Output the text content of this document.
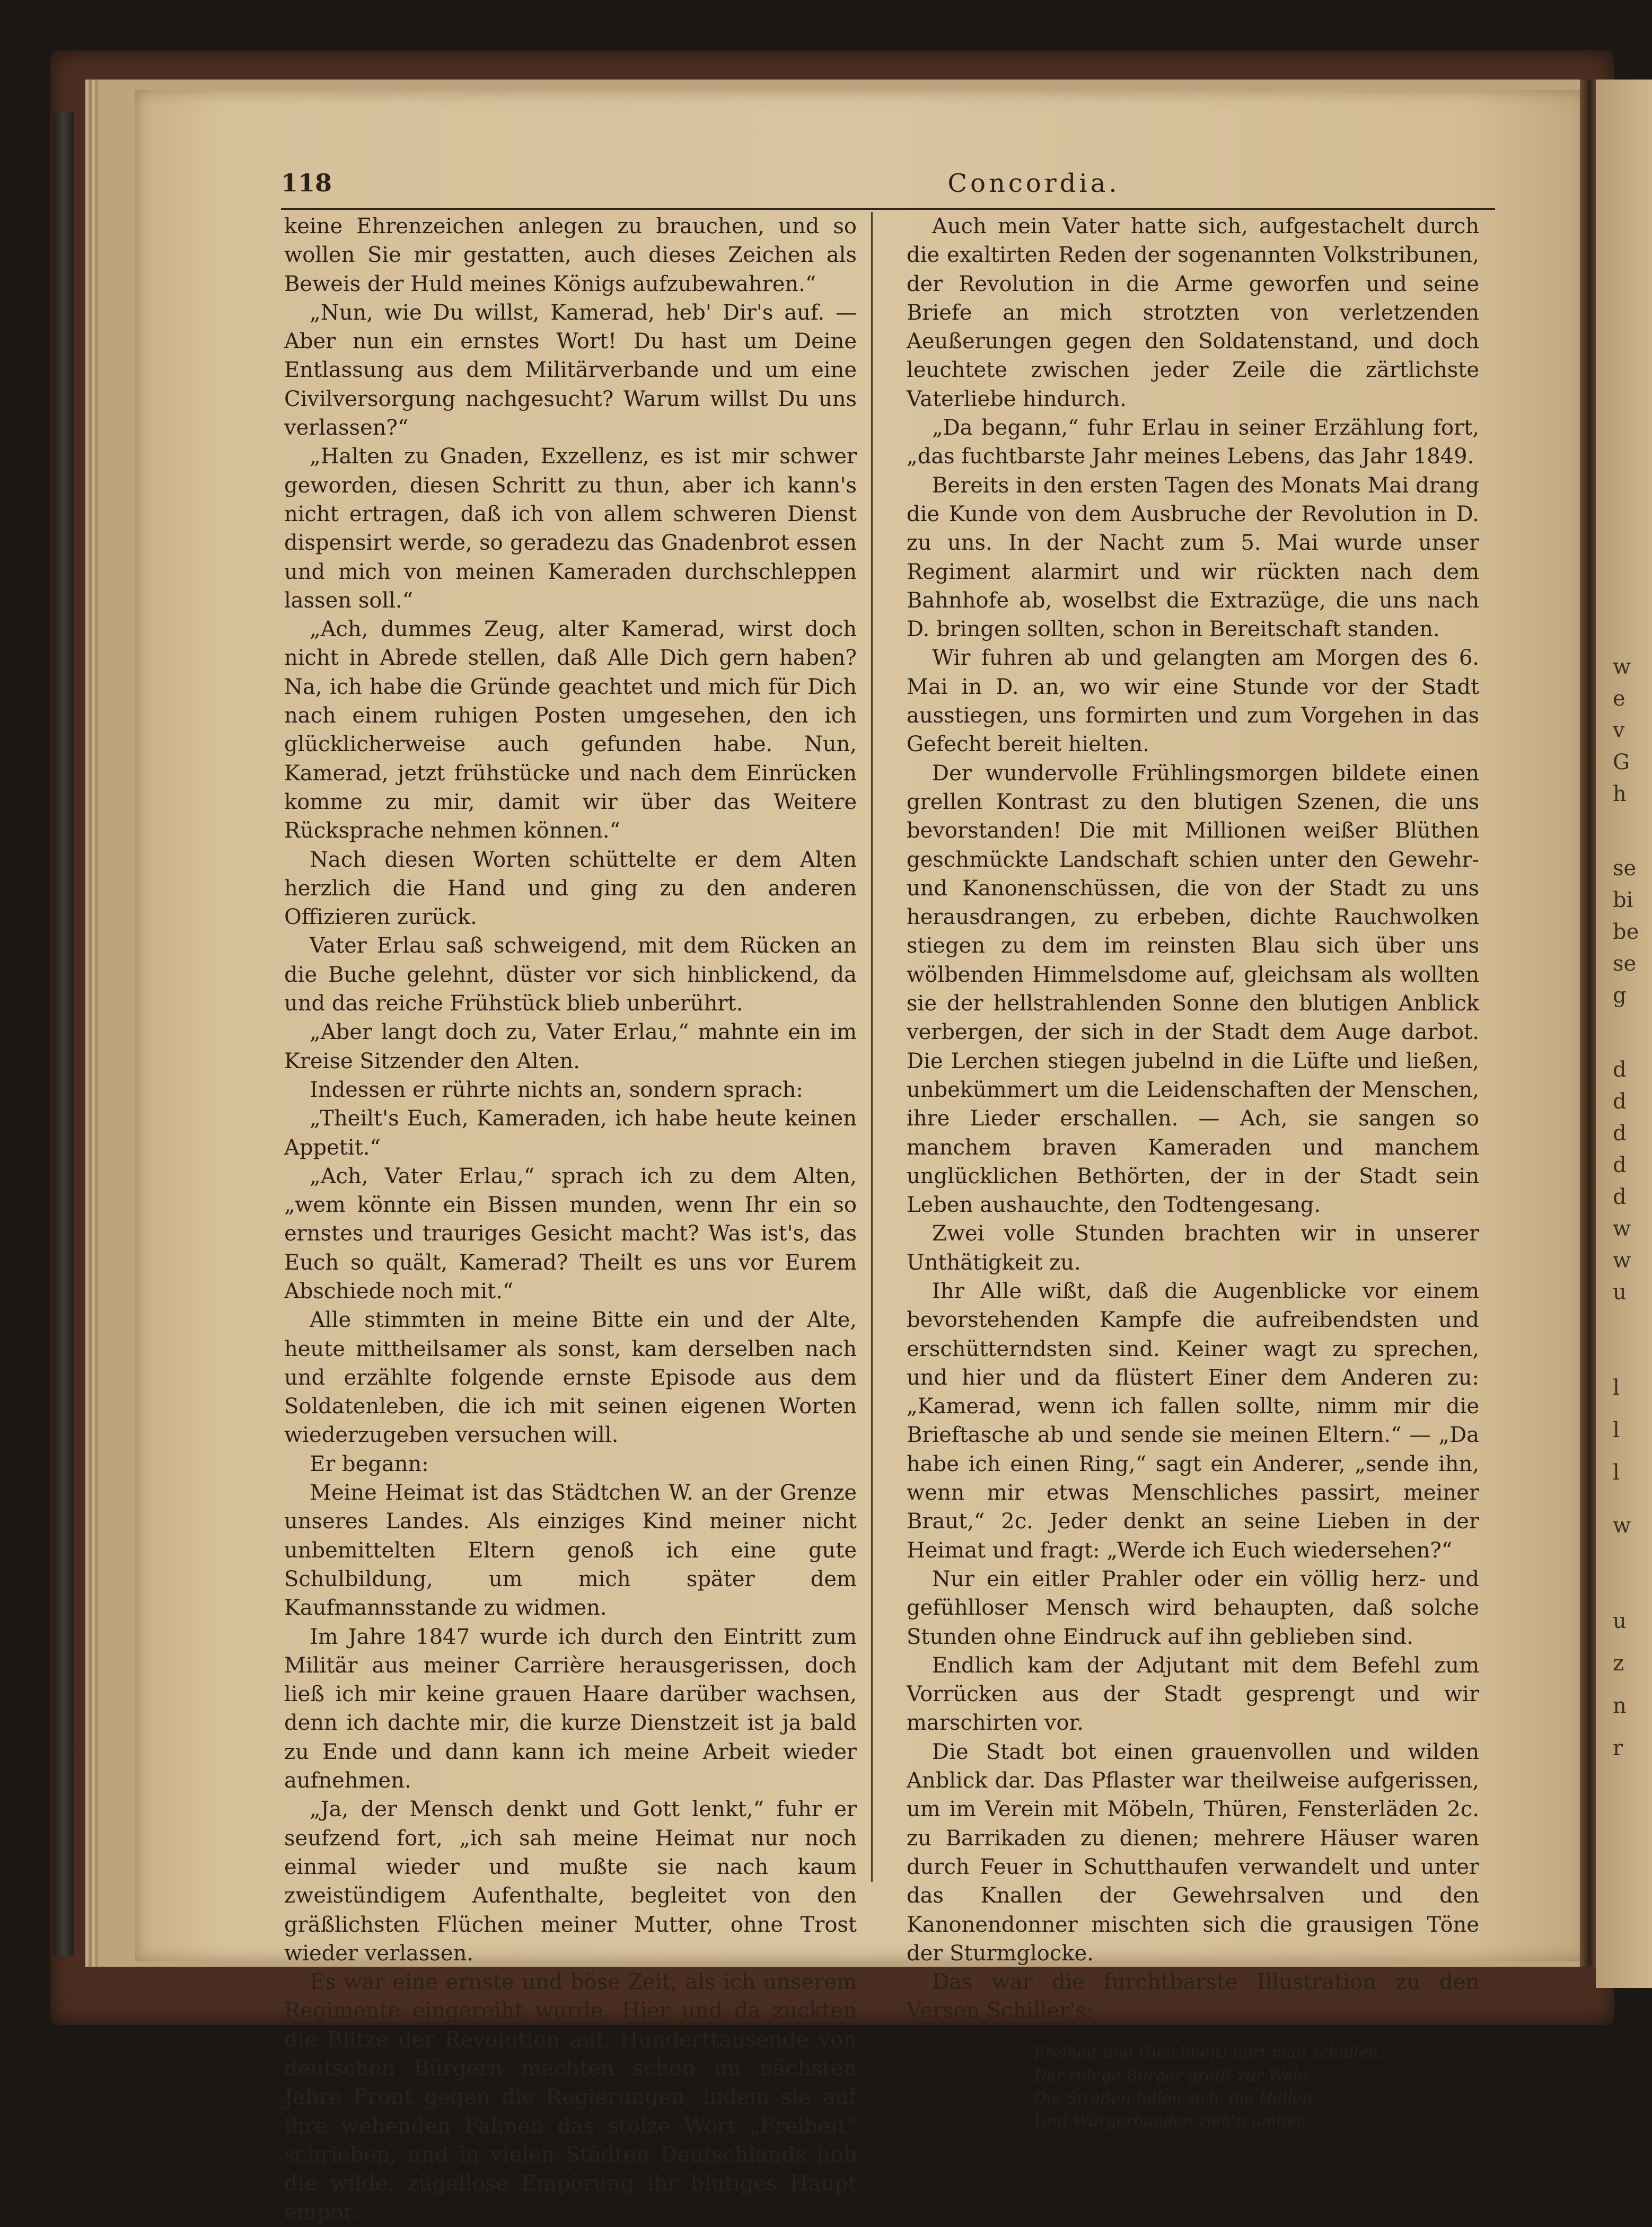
w
e
v
G
h
se
bi
be
se
g
d
d
d
d
d
w
w
u
l
l
l
w
u
z
n
r
118	Concordia.

keine Ehrenzeichen anlegen zu brauchen, und so wollen Sie mir gestatten, auch dieses Zeichen als Beweis der Huld meines Königs aufzubewahren.“

„Nun, wie Du willst, Kamerad, heb' Dir's auf. — Aber nun ein ernstes Wort! Du hast um Deine Entlassung aus dem Militärverbande und um eine Civilversorgung nachgesucht? Warum willst Du uns verlassen?“

„Halten zu Gnaden, Exzellenz, es ist mir schwer geworden, diesen Schritt zu thun, aber ich kann's nicht ertragen, daß ich von allem schweren Dienst dispensirt werde, so geradezu das Gnadenbrot essen und mich von meinen Kameraden durchschleppen lassen soll.“

„Ach, dummes Zeug, alter Kamerad, wirst doch nicht in Abrede stellen, daß Alle Dich gern haben? Na, ich habe die Gründe geachtet und mich für Dich nach einem ruhigen Posten umgesehen, den ich glücklicherweise auch gefunden habe. Nun, Kamerad, jetzt frühstücke und nach dem Einrücken komme zu mir, damit wir über das Weitere Rücksprache nehmen können.“

Nach diesen Worten schüttelte er dem Alten herzlich die Hand und ging zu den anderen Offizieren zurück.

Vater Erlau saß schweigend, mit dem Rücken an die Buche gelehnt, düster vor sich hinblickend, da und das reiche Frühstück blieb unberührt.

„Aber langt doch zu, Vater Erlau,“ mahnte ein im Kreise Sitzender den Alten.

Indessen er rührte nichts an, sondern sprach:

„Theilt's Euch, Kameraden, ich habe heute keinen Appetit.“

„Ach, Vater Erlau,“ sprach ich zu dem Alten, „wem könnte ein Bissen munden, wenn Ihr ein so ernstes und trauriges Gesicht macht? Was ist's, das Euch so quält, Kamerad? Theilt es uns vor Eurem Abschiede noch mit.“

Alle stimmten in meine Bitte ein und der Alte, heute mittheilsamer als sonst, kam derselben nach und erzählte folgende ernste Episode aus dem Soldatenleben, die ich mit seinen eigenen Worten wiederzugeben versuchen will.

Er begann:

Meine Heimat ist das Städtchen W. an der Grenze unseres Landes. Als einziges Kind meiner nicht unbemittelten Eltern genoß ich eine gute Schulbildung, um mich später dem Kaufmannsstande zu widmen.

Im Jahre 1847 wurde ich durch den Eintritt zum Militär aus meiner Carrière herausgerissen, doch ließ ich mir keine grauen Haare darüber wachsen, denn ich dachte mir, die kurze Dienstzeit ist ja bald zu Ende und dann kann ich meine Arbeit wieder aufnehmen.

„Ja, der Mensch denkt und Gott lenkt,“ fuhr er seufzend fort, „ich sah meine Heimat nur noch einmal wieder und mußte sie nach kaum zweistündigem Aufenthalte, begleitet von den gräßlichsten Flüchen meiner Mutter, ohne Trost wieder verlassen.

Es war eine ernste und böse Zeit, als ich unserem Regimente eingereiht wurde. Hier und da zuckten die Blitze der Revolution auf, Hunderttausende von deutschen Bürgern machten schon im nächsten Jahre Front gegen die Regierungen, indem sie auf ihre wehenden Fahnen das stolze Wort „Freiheit“ schrieben, und in vielen Städten Deutschlands hob die wilde, zügellose Empörung ihr blutiges Haupt empor.

Auch mein Vater hatte sich, aufgestachelt durch die exaltirten Reden der sogenannten Volkstribunen, der Revolution in die Arme geworfen und seine Briefe an mich strotzten von verletzenden Aeußerungen gegen den Soldatenstand, und doch leuchtete zwischen jeder Zeile die zärtlichste Vaterliebe hindurch.

„Da begann,“ fuhr Erlau in seiner Erzählung fort, „das fuchtbarste Jahr meines Lebens, das Jahr 1849.

Bereits in den ersten Tagen des Monats Mai drang die Kunde von dem Ausbruche der Revolution in D. zu uns. In der Nacht zum 5. Mai wurde unser Regiment alarmirt und wir rückten nach dem Bahnhofe ab, woselbst die Extrazüge, die uns nach D. bringen sollten, schon in Bereitschaft standen.

Wir fuhren ab und gelangten am Morgen des 6. Mai in D. an, wo wir eine Stunde vor der Stadt ausstiegen, uns formirten und zum Vorgehen in das Gefecht bereit hielten.

Der wundervolle Frühlingsmorgen bildete einen grellen Kontrast zu den blutigen Szenen, die uns bevorstanden! Die mit Millionen weißer Blüthen geschmückte Landschaft schien unter den Gewehr- und Kanonenschüssen, die von der Stadt zu uns herausdrangen, zu erbeben, dichte Rauchwolken stiegen zu dem im reinsten Blau sich über uns wölbenden Himmelsdome auf, gleichsam als wollten sie der hellstrahlenden Sonne den blutigen Anblick verbergen, der sich in der Stadt dem Auge darbot. Die Lerchen stiegen jubelnd in die Lüfte und ließen, unbekümmert um die Leidenschaften der Menschen, ihre Lieder erschallen. — Ach, sie sangen so manchem braven Kameraden und manchem unglücklichen Bethörten, der in der Stadt sein Leben aushauchte, den Todtengesang.

Zwei volle Stunden brachten wir in unserer Unthätigkeit zu.

Ihr Alle wißt, daß die Augenblicke vor einem bevorstehenden Kampfe die aufreibendsten und erschütterndsten sind. Keiner wagt zu sprechen, und hier und da flüstert Einer dem Anderen zu: „Kamerad, wenn ich fallen sollte, nimm mir die Brieftasche ab und sende sie meinen Eltern.“ — „Da habe ich einen Ring,“ sagt ein Anderer, „sende ihn, wenn mir etwas Menschliches passirt, meiner Braut,“ 2c. Jeder denkt an seine Lieben in der Heimat und fragt: „Werde ich Euch wiedersehen?“

Nur ein eitler Prahler oder ein völlig herz- und gefühlloser Mensch wird behaupten, daß solche Stunden ohne Eindruck auf ihn geblieben sind.

Endlich kam der Adjutant mit dem Befehl zum Vorrücken aus der Stadt gesprengt und wir marschirten vor.

Die Stadt bot einen grauenvollen und wilden Anblick dar. Das Pflaster war theilweise aufgerissen, um im Verein mit Möbeln, Thüren, Fensterläden 2c. zu Barrikaden zu dienen; mehrere Häuser waren durch Feuer in Schutthaufen verwandelt und unter das Knallen der Gewehrsalven und den Kanonendonner mischten sich die grausigen Töne der Sturmglocke.

Das war die furchtbarste Illustration zu den Versen Schiller's:

Freiheit und Gleichheit! hört man schallen,
Der ruh'ge Bürger greift zur Wehr,
Die Straßen füllen sich, die Hallen,
Und Würgerbanden zieh'n umher.
